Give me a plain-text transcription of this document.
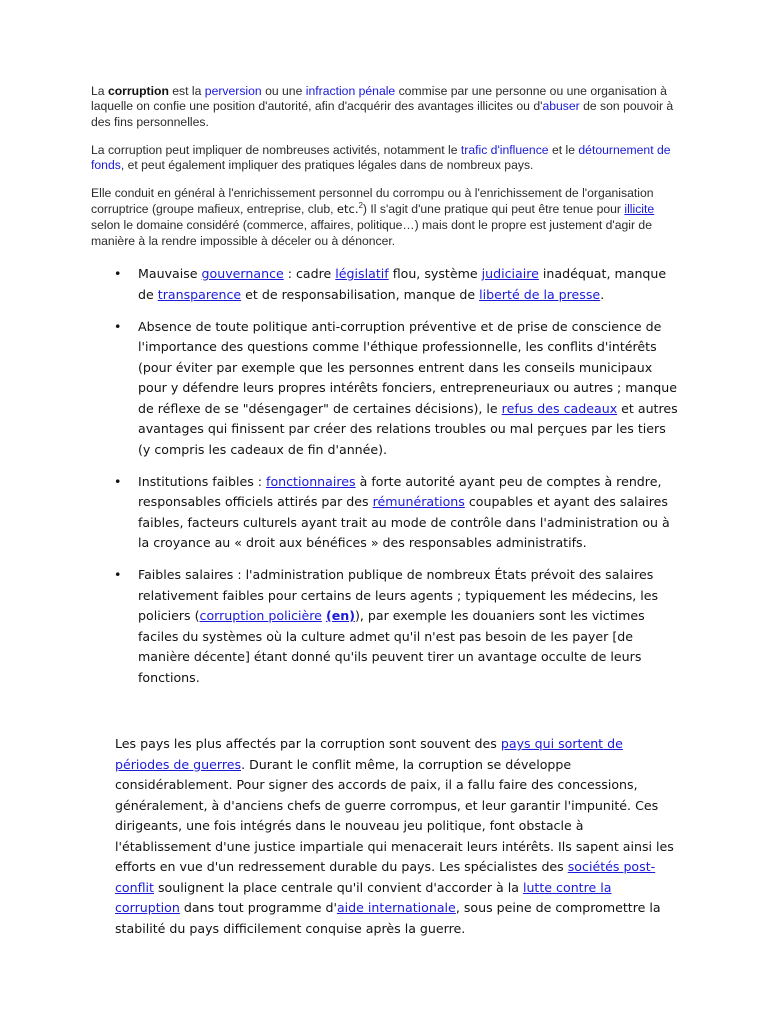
La corruption est la perversion ou une infraction pénale commise par une personne ou une organisation à laquelle on confie une position d'autorité, afin d'acquérir des avantages illicites ou d'abuser de son pouvoir à des fins personnelles.

La corruption peut impliquer de nombreuses activités, notamment le trafic d'influence et le détournement de fonds, et peut également impliquer des pratiques légales dans de nombreux pays.

Elle conduit en général à l'enrichissement personnel du corrompu ou à l'enrichissement de l'organisation corruptrice (groupe mafieux, entreprise, club, etc.$^2$) Il s'agit d'une pratique qui peut être tenue pour illicite selon le domaine considéré (commerce, affaires, politique…) mais dont le propre est justement d'agir de manière à la rendre impossible à déceler ou à dénoncer.

• Mauvaise gouvernance : cadre législatif flou, système judiciaire inadéquat, manque de transparence et de responsabilisation, manque de liberté de la presse.
• Absence de toute politique anti-corruption préventive et de prise de conscience de l'importance des questions comme l'éthique professionnelle, les conflits d'intérêts (pour éviter par exemple que les personnes entrent dans les conseils municipaux pour y défendre leurs propres intérêts fonciers, entrepreneuriaux ou autres ; manque de réflexe de se "désengager" de certaines décisions), le refus des cadeaux et autres avantages qui finissent par créer des relations troubles ou mal perçues par les tiers (y compris les cadeaux de fin d'année).
• Institutions faibles : fonctionnaires à forte autorité ayant peu de comptes à rendre, responsables officiels attirés par des rémunérations coupables et ayant des salaires faibles, facteurs culturels ayant trait au mode de contrôle dans l'administration ou à la croyance au « droit aux bénéfices » des responsables administratifs.
• Faibles salaires : l'administration publique de nombreux États prévoit des salaires relativement faibles pour certains de leurs agents ; typiquement les médecins, les policiers (corruption policière (en)), par exemple les douaniers sont les victimes faciles du systèmes où la culture admet qu'il n'est pas besoin de les payer [de manière décente] étant donné qu'ils peuvent tirer un avantage occulte de leurs fonctions.

Les pays les plus affectés par la corruption sont souvent des pays qui sortent de périodes de guerres. Durant le conflit même, la corruption se développe considérablement. Pour signer des accords de paix, il a fallu faire des concessions, généralement, à d'anciens chefs de guerre corrompus, et leur garantir l'impunité. Ces dirigeants, une fois intégrés dans le nouveau jeu politique, font obstacle à l'établissement d'une justice impartiale qui menacerait leurs intérêts. Ils sapent ainsi les efforts en vue d'un redressement durable du pays. Les spécialistes des sociétés post-conflit soulignent la place centrale qu'il convient d'accorder à la lutte contre la corruption dans tout programme d'aide internationale, sous peine de compromettre la stabilité du pays difficilement conquise après la guerre.
